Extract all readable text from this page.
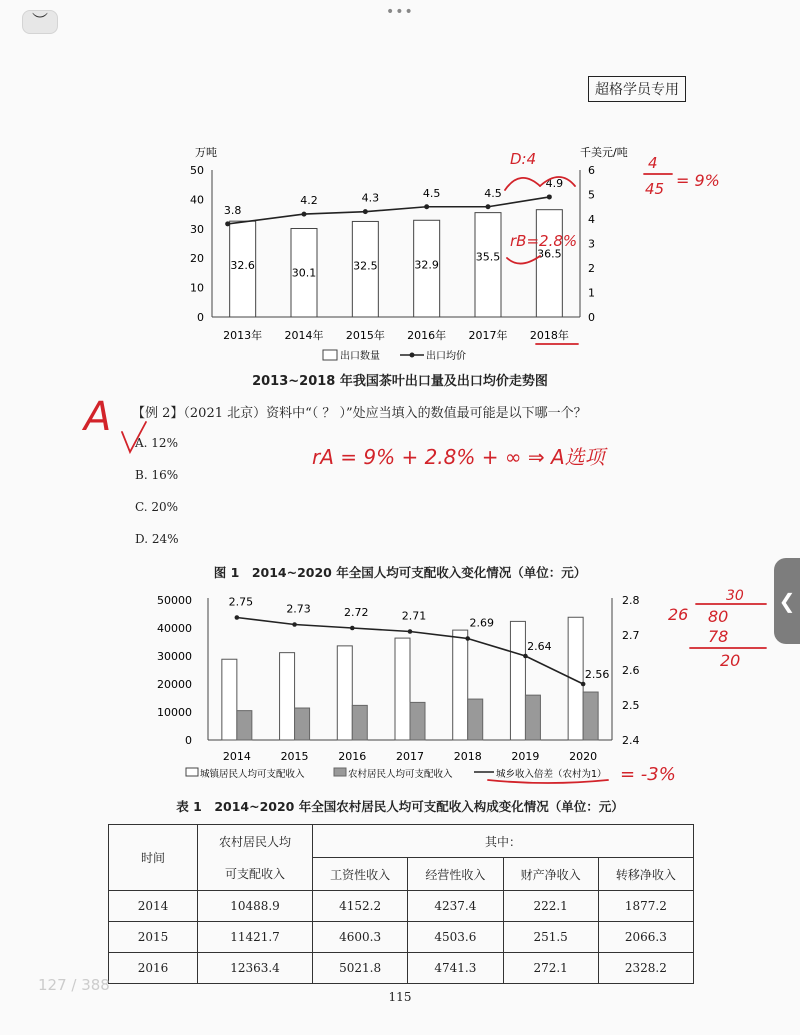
︶	•••
超格学员专用
万吨	千美元/吨
50
40
30
20
10
0
6
5
4
3
2
1
0
32.6
2013年
30.1
2014年
32.5
2015年
32.9
2016年
35.5
2017年
36.5
2018年
3.8
4.2	4.3	4.5	4.5
4.9
出口数量	出口均价
2013~2018 年我国茶叶出口量及出口均价走势图
【例 2】（2021 北京）资料中“（ ？ ）”处应当填入的数值最可能是以下哪一个？
A. 12%
B. 16%
C. 20%
D. 24%
图 1　2014~2020 年全国人均可支配收入变化情况（单位：元）
50000
40000
30000
20000
10000
0
2.8
2.7
2.6
2.5
2.4
2014	2015	2016	2017	2018	2019	2020
2.75
2.73	2.72	2.71
2.69
2.64
2.56
城镇居民人均可支配收入	农村居民人均可支配收入	城乡收入倍差（农村为1）
表 1　2014~2020 年全国农村居民人均可支配收入构成变化情况（单位：元）
时间	农村居民人均	其中：			
	可支配收入	工资性收入	经营性收入	财产净收入	转移净收入
2014	10488.9	4152.2	4237.4	222.1	1877.2
2015	11421.7	4600.3	4503.6	251.5	2066.3
2016	12363.4	5021.8	4741.3	272.1	2328.2
115
127 / 388
❮
D:4
rB=2.8%
4
45 = 9%
A
rA = 9% + 2.8% + ∞ ⇒ A选项
30
26 80
78
20
= -3%
